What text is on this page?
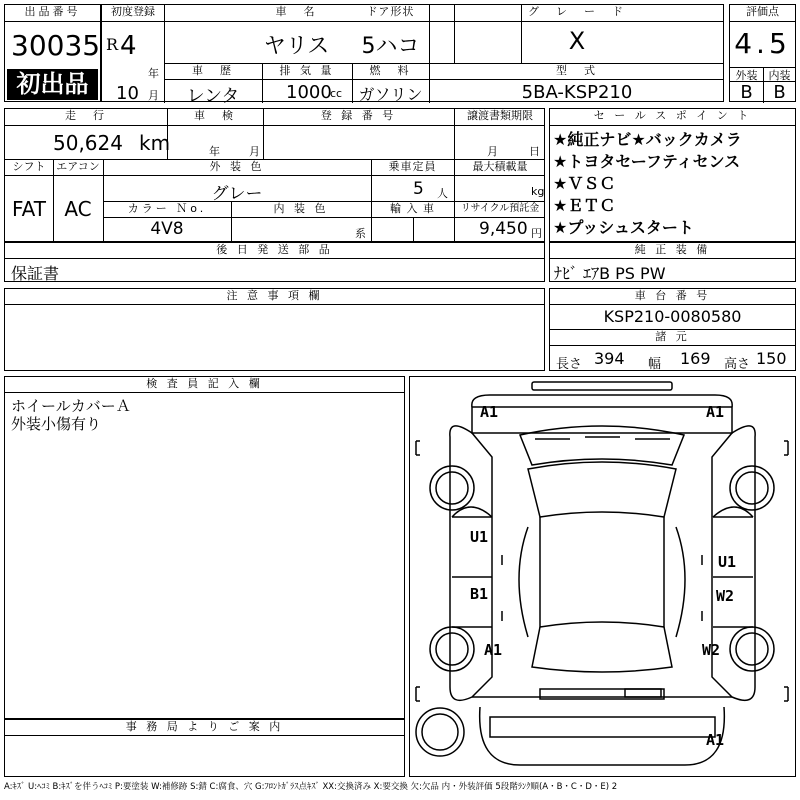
出品番号
30035
初出品
初度登録
R 4
年
10 月
車　名
ヤリス
車　歴
レンタ
排 気 量
1000
cc
ドア形状
5ハコ
燃　料
ガソリン
グ　レ　ー　ド
X
型　式
5BA-KSP210
評価点
4.5
外装	内装
B	B
走　行
50,624 km
車　検
年	月
登 録 番 号	譲渡書類期限
月	日
シフト
FAT
エアコン
AC
外 装 色
グレー
乗車定員
5 人
最大積載量
kg
カラー Ｎo.
4V8
内 装 色
系
輸 入 車	リサイクル預託金
9,450 円
後 日 発 送 部 品
保証書
注 意 事 項 欄
セ ー ル ス ポ イ ン ト
★純正ナビ★バックカメラ
★トヨタセーフティセンス
★ＶＳＣ
★ＥＴＣ
★プッシュスタート
純 正 装 備
ﾅﾋﾞ ｴｱB PS PW
車 台 番 号
KSP210-0080580
諸 元
長さ 394 幅 169 高さ 150
検 査 員 記 入 欄
ホイールカバーＡ
外装小傷有り
事 務 局 よ り ご 案 内
A1	A1
U1
U1
B1	W2
A1	W2
A1
A:ｷｽﾞ U:ﾍｺﾐ B:ｷｽﾞを伴うﾍｺﾐ P:要塗装 W:補修跡 S:錆 C:腐食、穴 G:ﾌﾛﾝﾄｶﾞﾗｽ点ｷｽﾞ XX:交換済み X:要交換 欠:欠品 内・外装評価 5段階ﾗﾝｸ順(A・B・C・D・E) 2
